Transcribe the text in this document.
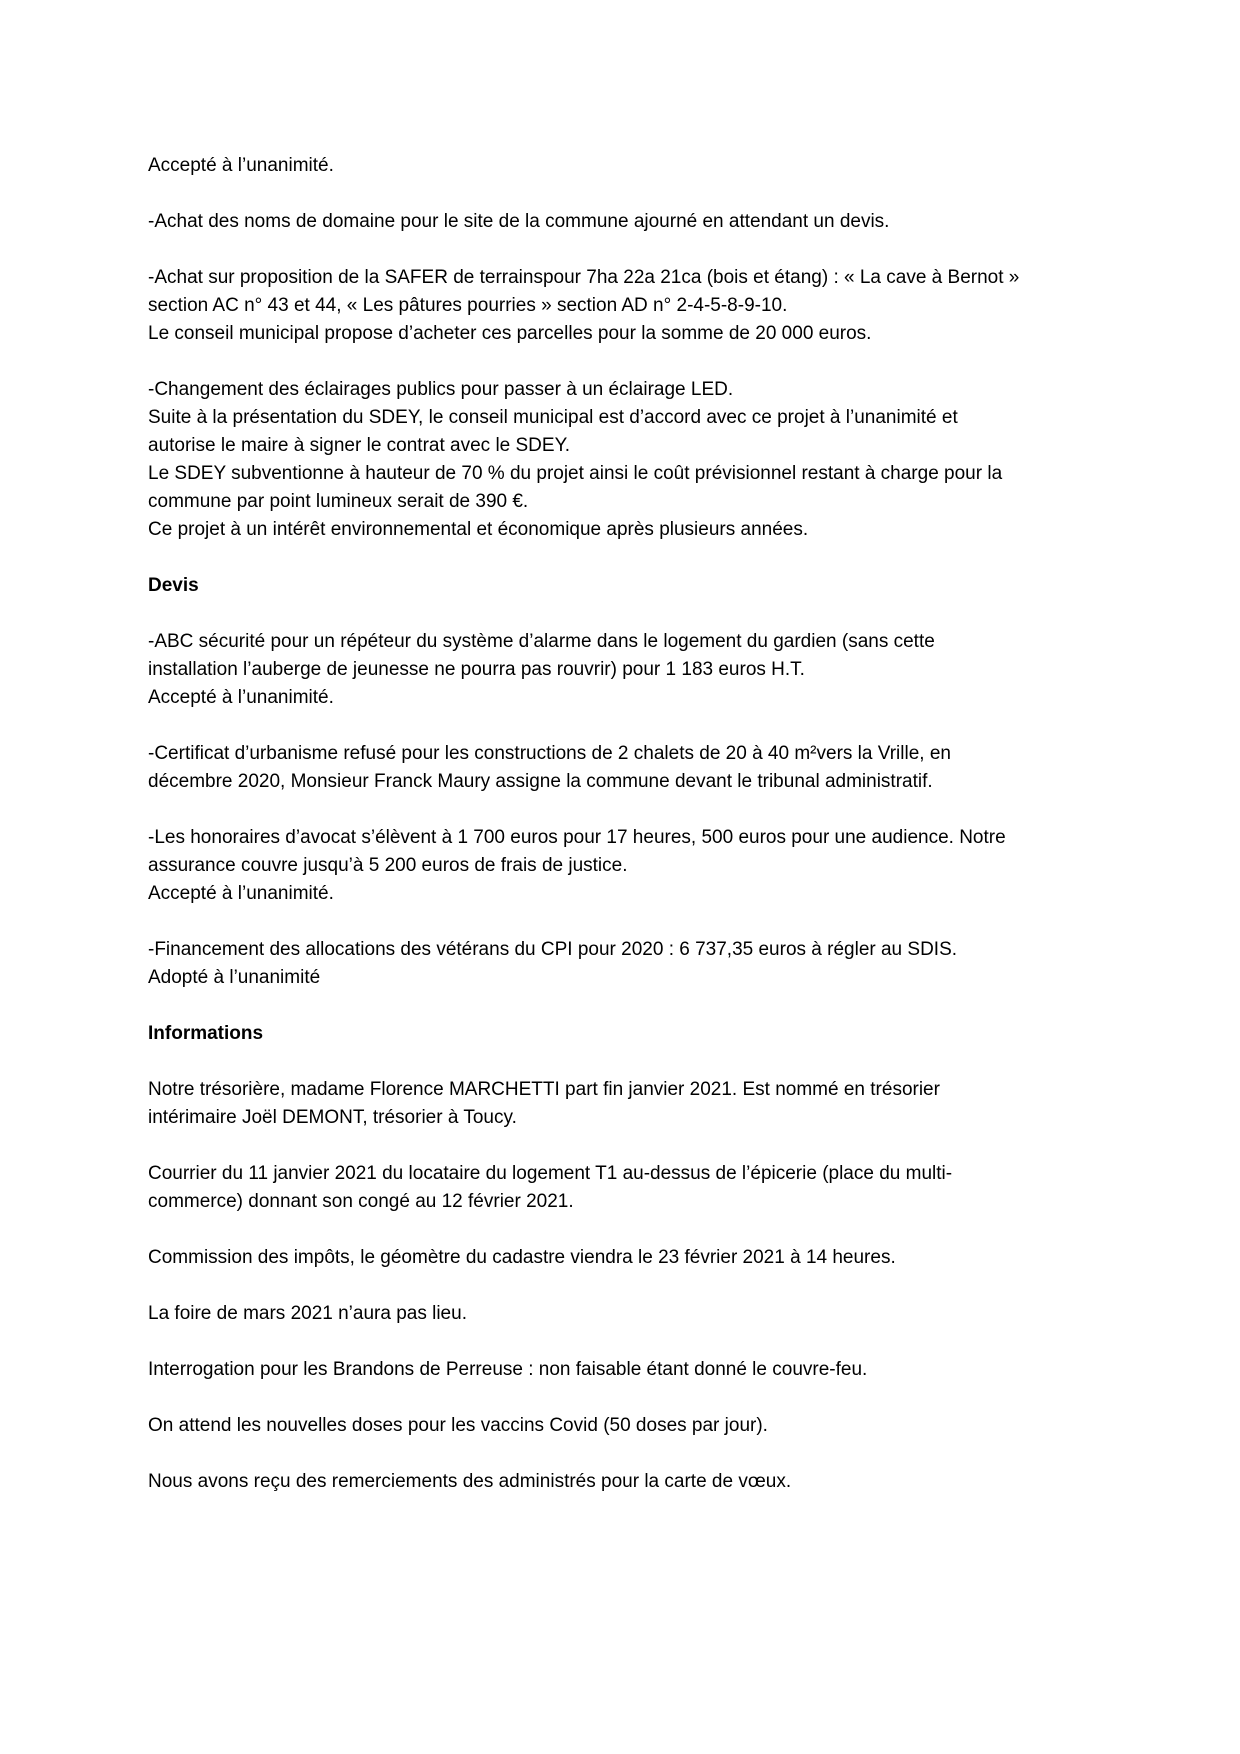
Accepté à l’unanimité.
-Achat des noms de domaine pour le site de la commune ajourné en attendant un devis.
-Achat sur proposition de la SAFER de terrainspour 7ha 22a 21ca (bois et étang) : « La cave à Bernot »
section AC n° 43 et 44, « Les pâtures pourries » section AD n° 2-4-5-8-9-10.
Le conseil municipal propose d’acheter ces parcelles pour la somme de 20 000 euros.
-Changement des éclairages publics pour passer à un éclairage LED.
Suite à la présentation du SDEY, le conseil municipal est d’accord avec ce projet à l’unanimité et
autorise le maire à signer le contrat avec le SDEY.
Le SDEY subventionne à hauteur de 70 % du projet ainsi le coût prévisionnel restant à charge pour la
commune par point lumineux serait de 390 €.
Ce projet à un intérêt environnemental et économique après plusieurs années.
Devis
-ABC sécurité pour un répéteur du système d’alarme dans le logement du gardien (sans cette
installation l’auberge de jeunesse ne pourra pas rouvrir) pour 1 183 euros H.T.
Accepté à l’unanimité.
-Certificat d’urbanisme refusé pour les constructions de 2 chalets de 20 à 40 m²vers la Vrille, en
décembre 2020, Monsieur Franck Maury assigne la commune devant le tribunal administratif.
-Les honoraires d’avocat s’élèvent à 1 700 euros pour 17 heures, 500 euros pour une audience. Notre
assurance couvre jusqu’à 5 200 euros de frais de justice.
Accepté à l’unanimité.
-Financement des allocations des vétérans du CPI pour 2020 : 6 737,35 euros à régler au SDIS.
Adopté à l’unanimité
Informations
Notre trésorière, madame Florence MARCHETTI part fin janvier 2021. Est nommé en trésorier
intérimaire Joël DEMONT, trésorier à Toucy.
Courrier du 11 janvier 2021 du locataire du logement T1 au-dessus de l’épicerie (place du multi-
commerce) donnant son congé au 12 février 2021.
Commission des impôts, le géomètre du cadastre viendra le 23 février 2021 à 14 heures.
La foire de mars 2021 n’aura pas lieu.
Interrogation pour les Brandons de Perreuse : non faisable étant donné le couvre-feu.
On attend les nouvelles doses pour les vaccins Covid (50 doses par jour).
Nous avons reçu des remerciements des administrés pour la carte de vœux.
